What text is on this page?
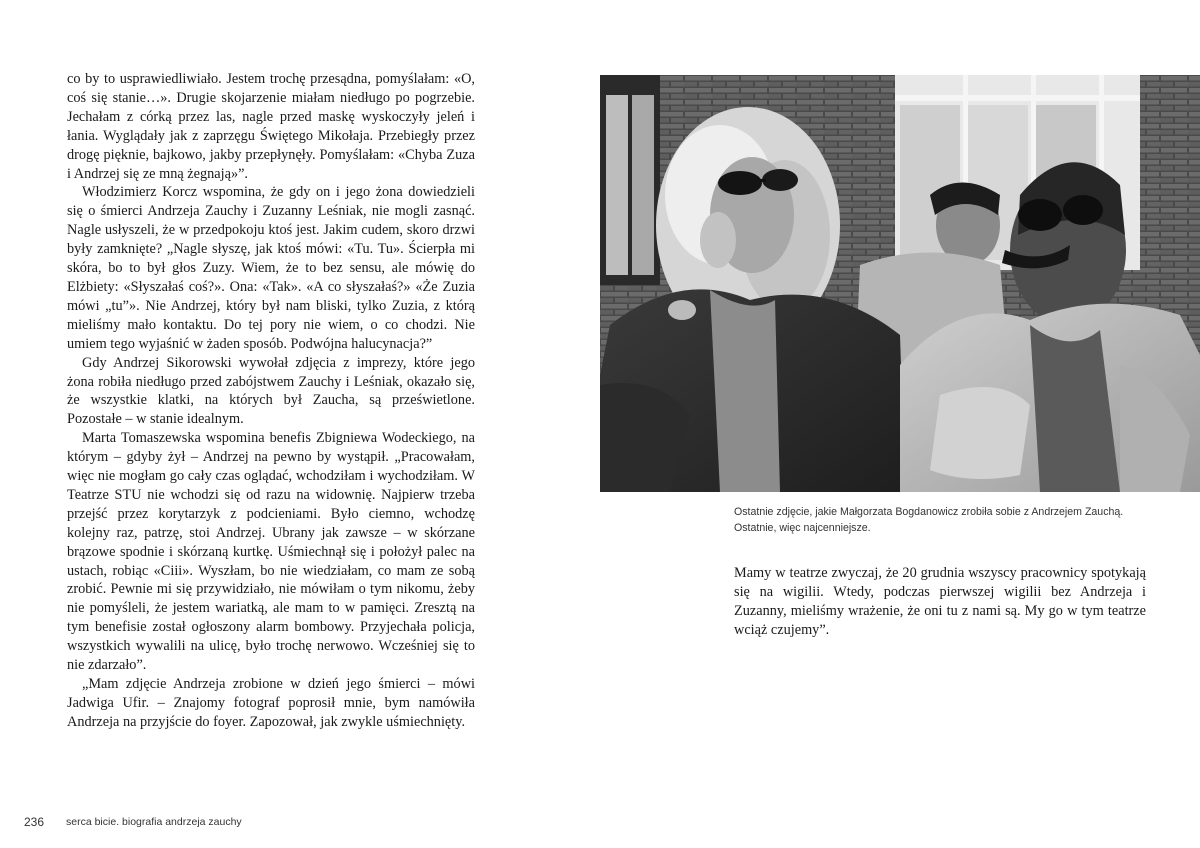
co by to usprawiedliwiało. Jestem trochę przesądna, pomyślałam: «O, coś się stanie…». Drugie skojarzenie miałam niedługo po pogrzebie. Jechałam z córką przez las, nagle przed maskę wyskoczyły jeleń i łania. Wyglądały jak z zaprzęgu Świętego Mikołaja. Przebiegły przez drogę pięknie, bajkowo, jakby przepłynęły. Pomyślałam: «Chyba Zuza i Andrzej się ze mną żegnają»”.

Włodzimierz Korcz wspomina, że gdy on i jego żona dowiedzieli się o śmierci Andrzeja Zauchy i Zuzanny Leśniak, nie mogli zasnąć. Nagle usłyszeli, że w przedpokoju ktoś jest. Jakim cudem, skoro drzwi były zamknięte? „Nagle słyszę, jak ktoś mówi: «Tu. Tu». Ścierpła mi skóra, bo to był głos Zuzy. Wiem, że to bez sensu, ale mówię do Elżbiety: «Słyszałaś coś?». Ona: «Tak». «A co słyszałaś?» «Że Zuzia mówi „tu”». Nie Andrzej, który był nam bliski, tylko Zuzia, z którą mieliśmy mało kontaktu. Do tej pory nie wiem, o co chodzi. Nie umiem tego wyjaśnić w żaden sposób. Podwójna halucynacja?”

Gdy Andrzej Sikorowski wywołał zdjęcia z imprezy, które jego żona robiła niedługo przed zabójstwem Zauchy i Leśniak, okazało się, że wszystkie klatki, na których był Zaucha, są prześwietlone. Pozostałe – w stanie idealnym.

Marta Tomaszewska wspomina benefis Zbigniewa Wodeckiego, na którym – gdyby żył – Andrzej na pewno by wystąpił. „Pracowałam, więc nie mogłam go cały czas oglądać, wchodziłam i wychodziłam. W Teatrze STU nie wchodzi się od razu na widownię. Najpierw trzeba przejść przez korytarzyk z podcieniami. Było ciemno, wchodzę kolejny raz, patrzę, stoi Andrzej. Ubrany jak zawsze – w skórzane brązowe spodnie i skórzaną kurtkę. Uśmiechnął się i położył palec na ustach, robiąc «Ciii». Wyszłam, bo nie wiedziałam, co mam ze sobą zrobić. Pewnie mi się przywidziało, nie mówiłam o tym nikomu, żeby nie pomyśleli, że jestem wariatką, ale mam to w pamięci. Zresztą na tym benefisie został ogłoszony alarm bombowy. Przyjechała policja, wszystkich wywalili na ulicę, było trochę nerwowo. Wcześniej się to nie zdarzało”.

„Mam zdjęcie Andrzeja zrobione w dzień jego śmierci – mówi Jadwiga Ufir. – Znajomy fotograf poprosił mnie, bym namówiła Andrzeja na przyjście do foyer. Zapozował, jak zwykle uśmiechnięty.

Ostatnie zdjęcie, jakie Małgorzata Bogdanowicz zrobiła sobie z Andrzejem Zauchą. Ostatnie, więc najcenniejsze.

Mamy w teatrze zwyczaj, że 20 grudnia wszyscy pracownicy spotykają się na wigilii. Wtedy, podczas pierwszej wigilii bez Andrzeja i Zuzanny, mieliśmy wrażenie, że oni tu z nami są. My go w tym teatrze wciąż czujemy”.

236 serca bicie. biografia andrzeja zauchy
